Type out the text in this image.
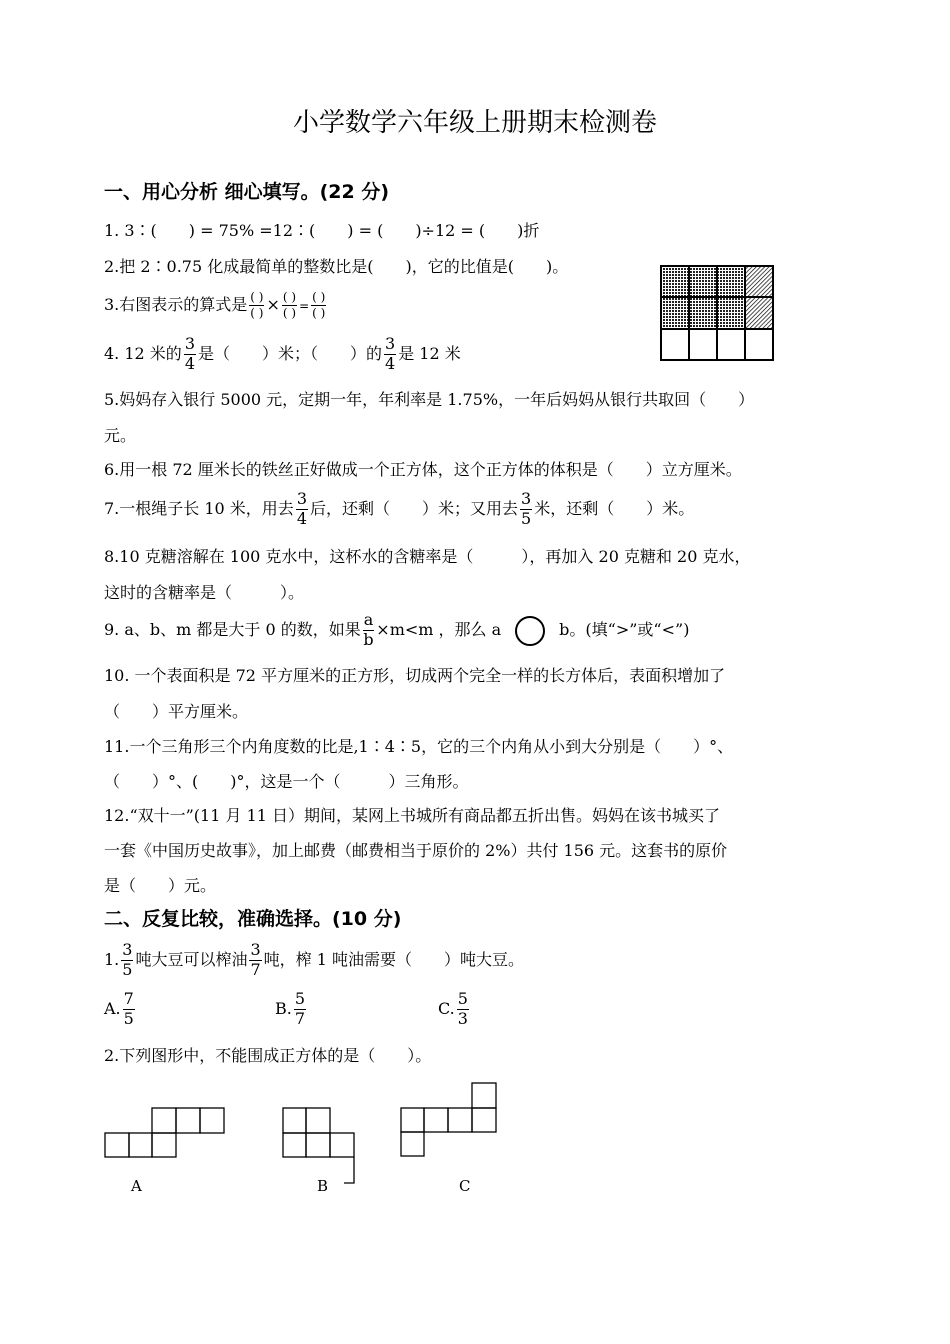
小学数学六年级上册期末检测卷
一、用心分析 细心填写。(22 分)
1. 3∶(　　) = 75% =12∶(　　) = (　　)÷12 = (　　)折
2.把 2∶0.75 化成最简单的整数比是(　　)，它的比值是(　　)。
3.右图表示的算式是 $\frac{( )}{( )} \times \frac{( )}{( )} = \frac{( )}{( )}$
4. 12 米的 $\frac{3}{4}$ 是（　　）米；（　　）的 $\frac{3}{4}$ 是 12 米
5.妈妈存入银行 5000 元，定期一年，年利率是 1.75%，一年后妈妈从银行共取回（　　）
元。
6.用一根 72 厘米长的铁丝正好做成一个正方体，这个正方体的体积是（　　）立方厘米。
7.一根绳子长 10 米，用去 $\frac{3}{4}$ 后，还剩（　　）米；又用去 $\frac{3}{5}$ 米，还剩（　　）米。
8.10 克糖溶解在 100 克水中，这杯水的含糖率是（　　　），再加入 20 克糖和 20 克水，
这时的含糖率是（　　　）。
9. a、b、m 都是大于 0 的数，如果 $\frac{a}{b} \times m<m$ ，那么 a	b。(填“>”或“<”)
10. 一个表面积是 72 平方厘米的正方形，切成两个完全一样的长方体后，表面积增加了
（　　）平方厘米。
11.一个三角形三个内角度数的比是,1∶4∶5，它的三个内角从小到大分别是（　　）°、
（　　）°、(　　)°，这是一个（　　　）三角形。
12.“双十一”(11 月 11 日）期间，某网上书城所有商品都五折出售。妈妈在该书城买了
一套《中国历史故事》，加上邮费（邮费相当于原价的 2%）共付 156 元。这套书的原价
是（　　）元。
二、反复比较，准确选择。(10 分)
1. $\frac{3}{5}$ 吨大豆可以榨油 $\frac{3}{7}$ 吨，榨 1 吨油需要（　　）吨大豆。
A. $\frac{7}{5}$	B. $\frac{5}{7}$	C. $\frac{5}{3}$
2.下列图形中，不能围成正方体的是（　　）。
A	B	C
